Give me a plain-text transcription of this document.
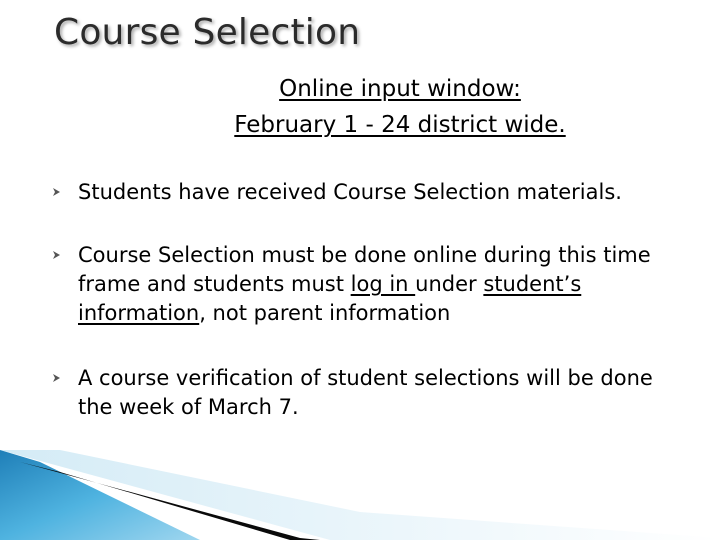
Course Selection
Online input window:
February 1 - 24 district wide.
Students have received Course Selection materials.
Course Selection must be done online during this time frame and students must log in under student’s information, not parent information
A course verification of student selections will be done the week of March 7.
